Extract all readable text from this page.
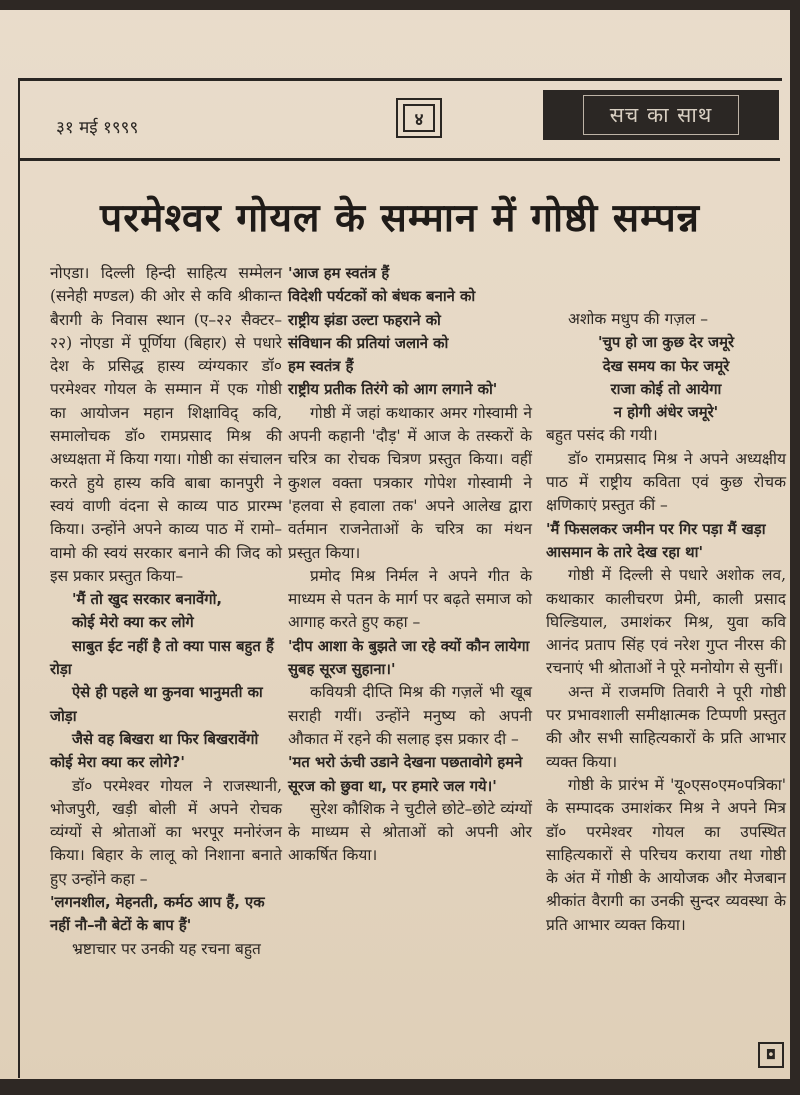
३१ मई १९९९	४	सच का साथ
परमेश्वर गोयल के सम्मान में गोष्ठी सम्पन्न

नोएडा। दिल्ली हिन्दी साहित्य सम्मेलन (सनेही मण्डल) की ओर से कवि श्रीकान्त बैरागी के निवास स्थान (ए–२२ सैक्टर–२२) नोएडा में पूर्णिया (बिहार) से पधारे देश के प्रसिद्ध हास्य व्यंग्यकार डॉ० परमेश्वर गोयल के सम्मान में एक गोष्ठी का आयोजन महान शिक्षाविद् कवि, समालोचक डॉ० रामप्रसाद मिश्र की अध्यक्षता में किया गया। गोष्ठी का संचालन करते हुये हास्य कवि बाबा कानपुरी ने स्वयं वाणी वंदना से काव्य पाठ प्रारम्भ किया। उन्होंने अपने काव्य पाठ में रामो–वामो की स्वयं सरकार बनाने की जिद को इस प्रकार प्रस्तुत किया–

'मैं तो खुद सरकार बनावेंगो,

कोई मेरो क्या कर लोगे

साबुत ईट नहीं है तो क्या पास बहुत हैं रोड़ा

ऐसे ही पहले था कुनवा भानुमती का जोड़ा

जैसे वह बिखरा था फिर बिखरावेंगो कोई मेरा क्या कर लोगे?'

डॉ० परमेश्वर गोयल ने राजस्थानी, भोजपुरी, खड़ी बोली में अपने रोचक व्यंग्यों से श्रोताओं का भरपूर मनोरंजन किया। बिहार के लालू को निशाना बनाते हुए उन्होंने कहा –

'लगनशील, मेहनती, कर्मठ आप हैं, एक नहीं नौ–नौ बेटों के बाप हैं'

भ्रष्टाचार पर उनकी यह रचना बहुत

'आज हम स्वतंत्र हैं

विदेशी पर्यटकों को बंधक बनाने को

राष्ट्रीय झंडा उल्टा फहराने को

संविधान की प्रतियां जलाने को

हम स्वतंत्र हैं

राष्ट्रीय प्रतीक तिरंगे को आग लगाने को'

गोष्ठी में जहां कथाकार अमर गोस्वामी ने अपनी कहानी 'दौड़' में आज के तस्करों के चरित्र का रोचक चित्रण प्रस्तुत किया। वहीं कुशल वक्ता पत्रकार गोपेश गोस्वामी ने 'हलवा से हवाला तक' अपने आलेख द्वारा वर्तमान राजनेताओं के चरित्र का मंथन प्रस्तुत किया।

प्रमोद मिश्र निर्मल ने अपने गीत के माध्यम से पतन के मार्ग पर बढ़ते समाज को आगाह करते हुए कहा –

'दीप आशा के बुझते जा रहे क्यों कौन लायेगा सुबह सूरज सुहाना।'

कवियत्री दीप्ति मिश्र की गज़लें भी खूब सराही गयीं। उन्होंने मनुष्य को अपनी औकात में रहने की सलाह इस प्रकार दी –

'मत भरो ऊंची उडाने देखना पछतावोगे हमने सूरज को छुवा था, पर हमारे जल गये।'

सुरेश कौशिक ने चुटीले छोटे–छोटे व्यंग्यों के माध्यम से श्रोताओं को अपनी ओर आकर्षित किया।

अशोक मधुप की गज़ल –

'चुप हो जा कुछ देर जमूरे

देख समय का फेर जमूरे

राजा कोई तो आयेगा

न होगी अंधेर जमूरे'

बहुत पसंद की गयी।

डॉ० रामप्रसाद मिश्र ने अपने अध्यक्षीय पाठ में राष्ट्रीय कविता एवं कुछ रोचक क्षणिकाएं प्रस्तुत कीं –

'मैं फिसलकर जमीन पर गिर पड़ा मैं खड़ा आसमान के तारे देख रहा था'

गोष्ठी में दिल्ली से पधारे अशोक लव, कथाकार कालीचरण प्रेमी, काली प्रसाद घिल्डियाल, उमाशंकर मिश्र, युवा कवि आनंद प्रताप सिंह एवं नरेश गुप्त नीरस की रचनाएं भी श्रोताओं ने पूरे मनोयोग से सुनीं।

अन्त में राजमणि तिवारी ने पूरी गोष्ठी पर प्रभावशाली समीक्षात्मक टिप्पणी प्रस्तुत की और सभी साहित्यकारों के प्रति आभार व्यक्त किया।

गोष्ठी के प्रारंभ में 'यू०एस०एम०पत्रिका' के सम्पादक उमाशंकर मिश्र ने अपने मित्र डॉ० परमेश्वर गोयल का उपस्थित साहित्यकारों से परिचय कराया तथा गोष्ठी के अंत में गोष्ठी के आयोजक और मेजबान श्रीकांत वैरागी का उनकी सुन्दर व्यवस्था के प्रति आभार व्यक्त किया।

◘
